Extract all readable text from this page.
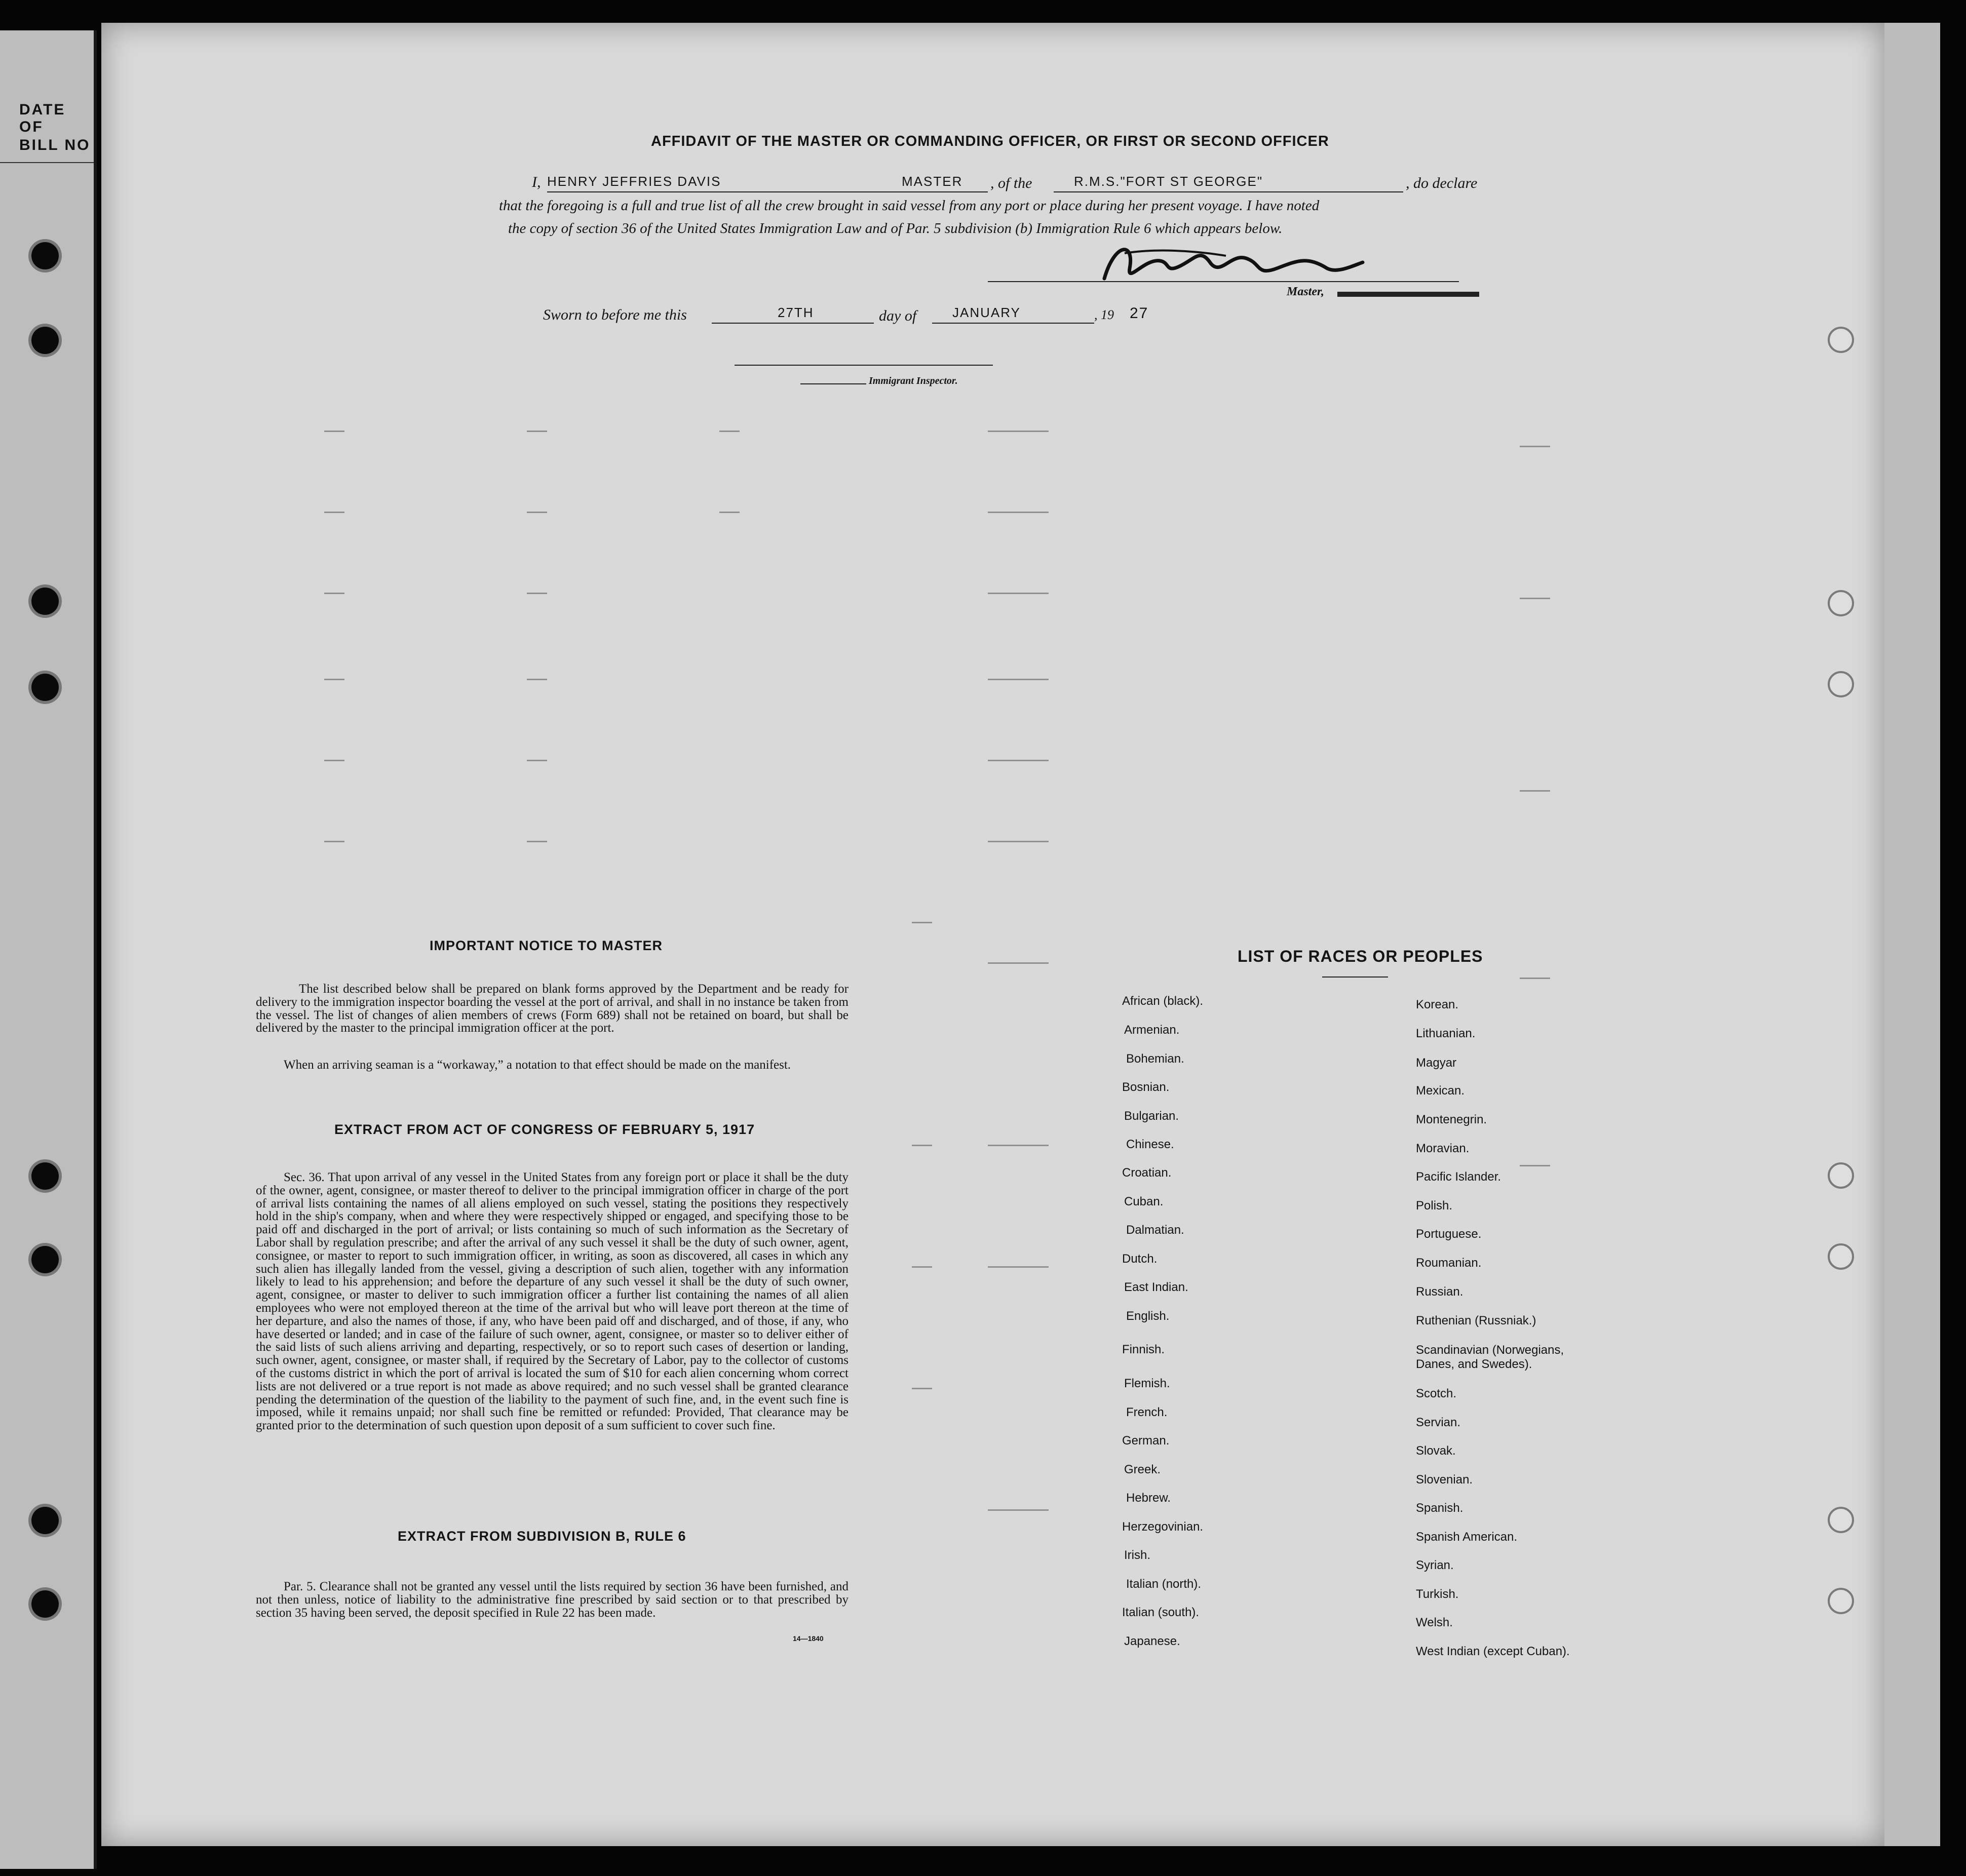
DATE OF
BILL NO	AFFIDAVIT OF THE MASTER OR COMMANDING OFFICER, OR FIRST OR SECOND OFFICER
I, HENRY JEFFRIES DAVIS	MASTER , of the	R.M.S."FORT ST GEORGE"	, do declare
that the foregoing is a full and true list of all the crew brought in said vessel from any port or place during her present voyage. I have noted
the copy of section 36 of the United States Immigration Law and of Par. 5 subdivision (b) Immigration Rule 6 which appears below.
Master,
Sworn to before me this	27TH	day of	JANUARY	, 19 27
Immigrant Inspector.
IMPORTANT NOTICE TO MASTER
The list described below shall be prepared on blank forms approved by the Department and be ready for delivery to the immigration inspector boarding the vessel at the port of arrival, and shall in no instance be taken from the vessel. The list of changes of alien members of crews (Form 689) shall not be retained on board, but shall be delivered by the master to the principal immigration officer at the port.
When an arriving seaman is a “workaway,” a notation to that effect should be made on the manifest.
EXTRACT FROM ACT OF CONGRESS OF FEBRUARY 5, 1917
Sec. 36. That upon arrival of any vessel in the United States from any foreign port or place it shall be the duty of the owner, agent, consignee, or master thereof to deliver to the principal immigration officer in charge of the port of arrival lists containing the names of all aliens employed on such vessel, stating the positions they respectively hold in the ship's company, when and where they were respectively shipped or engaged, and specifying those to be paid off and discharged in the port of arrival; or lists containing so much of such information as the Secretary of Labor shall by regulation prescribe; and after the arrival of any such vessel it shall be the duty of such owner, agent, consignee, or master to report to such immigration officer, in writing, as soon as discovered, all cases in which any such alien has illegally landed from the vessel, giving a description of such alien, together with any information likely to lead to his apprehension; and before the departure of any such vessel it shall be the duty of such owner, agent, consignee, or master to deliver to such immigration officer a further list containing the names of all alien employees who were not employed thereon at the time of the arrival but who will leave port thereon at the time of her departure, and also the names of those, if any, who have been paid off and discharged, and of those, if any, who have deserted or landed; and in case of the failure of such owner, agent, consignee, or master so to deliver either of the said lists of such aliens arriving and departing, respectively, or so to report such cases of desertion or landing, such owner, agent, consignee, or master shall, if required by the Secretary of Labor, pay to the collector of customs of the customs district in which the port of arrival is located the sum of $10 for each alien concerning whom correct lists are not delivered or a true report is not made as above required; and no such vessel shall be granted clearance pending the determination of the question of the liability to the payment of such fine, and, in the event such fine is imposed, while it remains unpaid; nor shall such fine be remitted or refunded: Provided, That clearance may be granted prior to the determination of such question upon deposit of a sum sufficient to cover such fine.
EXTRACT FROM SUBDIVISION B, RULE 6
Par. 5. Clearance shall not be granted any vessel until the lists required by section 36 have been furnished, and not then unless, notice of liability to the administrative fine prescribed by said section or to that prescribed by section 35 having been served, the deposit specified in Rule 22 has been made.
14—1840
LIST OF RACES OR PEOPLES
African (black).
Armenian.
Bohemian.
Bosnian.
Bulgarian.
Chinese.
Croatian.
Cuban.
Dalmatian.
Dutch.
East Indian.
English.
Finnish.
Flemish.
French.
German.
Greek.
Hebrew.
Herzegovinian.
Irish.
Italian (north).
Italian (south).
Japanese.
Korean.
Lithuanian.
Magyar
Mexican.
Montenegrin.
Moravian.
Pacific Islander.
Polish.
Portuguese.
Roumanian.
Russian.
Ruthenian (Russniak.)
Scandinavian (Norwegians, Danes, and Swedes).
Scotch.
Servian.
Slovak.
Slovenian.
Spanish.
Spanish American.
Syrian.
Turkish.
Welsh.
West Indian (except Cuban).
